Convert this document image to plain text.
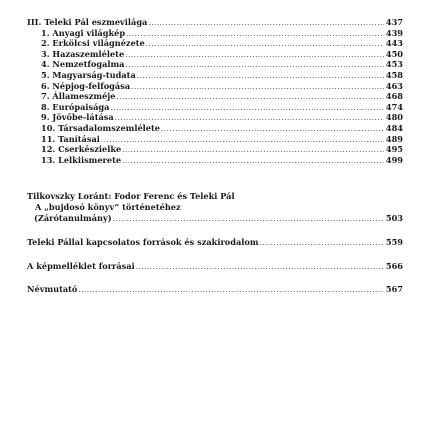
III. Teleki Pál eszmevilága .....	437
1. Anyagi világkép .....	439
2. Erkölcsi világnézete .....	443
3. Hazaszemlélete .....	450
4. Nemzetfogalma .....	453
5. Magyarság-tudata .....	458
6. Népjog-felfogása .....	463
7. Állameszméje .....	468
8. Európaisága .....	474
9. Jövőbe-látása .....	480
10. Társadalomszemlélete .....	484
11. Tanításai .....	489
12. Cserkészielke .....	495
13. Lelkiismerete .....	499
Tilkovszky Loránt: Fodor Ferenc és Teleki Pál
A „bujdosó könyv” történetéhez
(Zárótanulmány) .....	503
Teleki Pállal kapcsolatos források és szakirodalom .....	559
A képmelléklet forrásai .....	566
Névmutató .....	567
